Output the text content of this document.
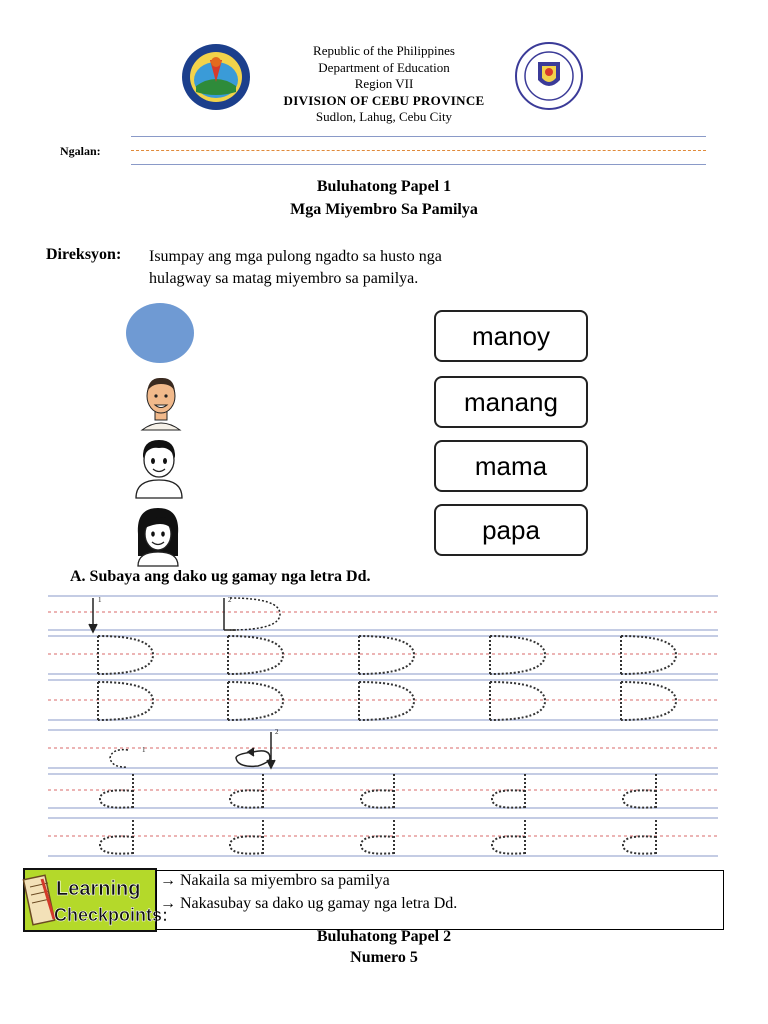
Republic of the Philippines
Department of Education
Region VII
DIVISION OF CEBU PROVINCE
Sudlon, Lahug, Cebu City
Ngalan:
Buluhatong Papel 1
Mga Miyembro Sa Pamilya
Direksyon: Isumpay ang mga pulong ngadto sa husto nga
hulagway sa matag miyembro sa pamilya.
manoy
manang
mama
papa
A. Subaya ang dako ug gamay nga letra Dd.
1	2
1
2
Learning
Checkpoints:
→ Nakaila sa miyembro sa pamilya
→ Nakasubay sa dako ug gamay nga letra Dd.
Buluhatong Papel 2
Numero 5
